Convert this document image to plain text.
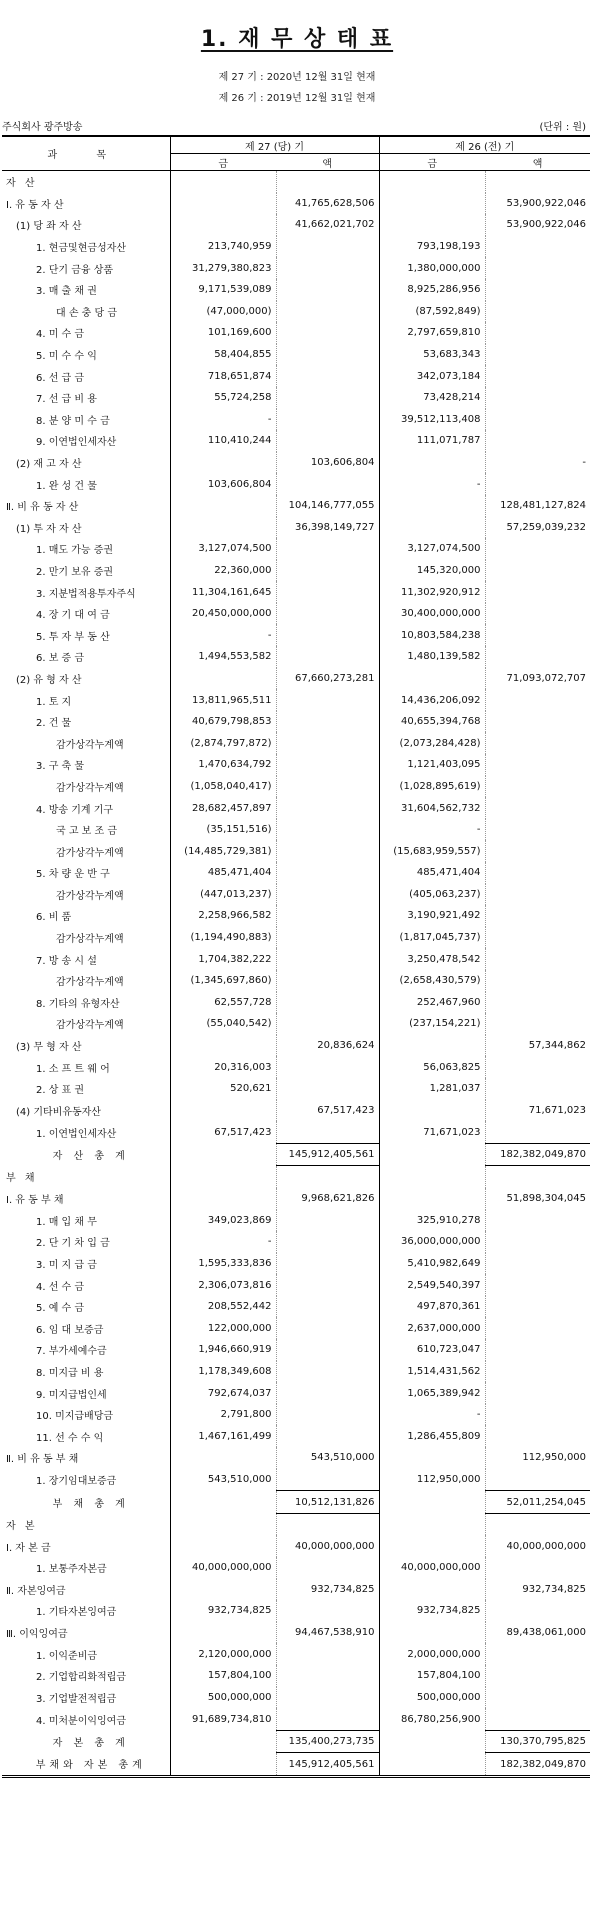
1. 재 무 상 태 표
제 27 기 : 2020년 12월 31일 현재
제 26 기 : 2019년 12월 31일 현재
주식회사 광주방송	(단위 : 원)
과 목	제 27 (당) 기		제 26 (전) 기	
	금	액	금	액
자 산				
Ⅰ. 유 동 자 산		41,765,628,506		53,900,922,046
(1) 당 좌 자 산		41,662,021,702		53,900,922,046
1. 현금및현금성자산	213,740,959		793,198,193	
2. 단기 금융 상품	31,279,380,823		1,380,000,000	
3. 매 출 채 권	9,171,539,089		8,925,286,956	
대 손 충 당 금	(47,000,000)		(87,592,849)	
4. 미 수 금	101,169,600		2,797,659,810	
5. 미 수 수 익	58,404,855		53,683,343	
6. 선 급 금	718,651,874		342,073,184	
7. 선 급 비 용	55,724,258		73,428,214	
8. 분 양 미 수 금	-		39,512,113,408	
9. 이연법인세자산	110,410,244		111,071,787	
(2) 재 고 자 산		103,606,804		-
1. 완 성 건 물	103,606,804		-	
Ⅱ. 비 유 동 자 산		104,146,777,055		128,481,127,824
(1) 투 자 자 산		36,398,149,727		57,259,039,232
1. 매도 가능 증권	3,127,074,500		3,127,074,500	
2. 만기 보유 증권	22,360,000		145,320,000	
3. 지분법적용투자주식	11,304,161,645		11,302,920,912	
4. 장 기 대 여 금	20,450,000,000		30,400,000,000	
5. 투 자 부 동 산	-		10,803,584,238	
6. 보 증 금	1,494,553,582		1,480,139,582	
(2) 유 형 자 산		67,660,273,281		71,093,072,707
1. 토 지	13,811,965,511		14,436,206,092	
2. 건 물	40,679,798,853		40,655,394,768	
감가상각누계액	(2,874,797,872)		(2,073,284,428)	
3. 구 축 물	1,470,634,792		1,121,403,095	
감가상각누계액	(1,058,040,417)		(1,028,895,619)	
4. 방송 기계 기구	28,682,457,897		31,604,562,732	
국 고 보 조 금	(35,151,516)		-	
감가상각누계액	(14,485,729,381)		(15,683,959,557)	
5. 차 량 운 반 구	485,471,404		485,471,404	
감가상각누계액	(447,013,237)		(405,063,237)	
6. 비 품	2,258,966,582		3,190,921,492	
감가상각누계액	(1,194,490,883)		(1,817,045,737)	
7. 방 송 시 설	1,704,382,222		3,250,478,542	
감가상각누계액	(1,345,697,860)		(2,658,430,579)	
8. 기타의 유형자산	62,557,728		252,467,960	
감가상각누계액	(55,040,542)		(237,154,221)	
(3) 무 형 자 산		20,836,624		57,344,862
1. 소 프 트 웨 어	20,316,003		56,063,825	
2. 상 표 권	520,621		1,281,037	
(4) 기타비유동자산		67,517,423		71,671,023
1. 이연법인세자산	67,517,423		71,671,023	
자 산 총 계		145,912,405,561		182,382,049,870
부 채				
Ⅰ. 유 동 부 채		9,968,621,826		51,898,304,045
1. 매 입 채 무	349,023,869		325,910,278	
2. 단 기 차 입 금	-		36,000,000,000	
3. 미 지 급 금	1,595,333,836		5,410,982,649	
4. 선 수 금	2,306,073,816		2,549,540,397	
5. 예 수 금	208,552,442		497,870,361	
6. 임 대 보증금	122,000,000		2,637,000,000	
7. 부가세예수금	1,946,660,919		610,723,047	
8. 미지급 비 용	1,178,349,608		1,514,431,562	
9. 미지급법인세	792,674,037		1,065,389,942	
10. 미지급배당금	2,791,800		-	
11. 선 수 수 익	1,467,161,499		1,286,455,809	
Ⅱ. 비 유 동 부 채		543,510,000		112,950,000
1. 장기임대보증금	543,510,000		112,950,000	
부 채 총 계		10,512,131,826		52,011,254,045
자 본				
Ⅰ. 자 본 금		40,000,000,000		40,000,000,000
1. 보통주자본금	40,000,000,000		40,000,000,000	
Ⅱ. 자본잉여금		932,734,825		932,734,825
1. 기타자본잉여금	932,734,825		932,734,825	
Ⅲ. 이익잉여금		94,467,538,910		89,438,061,000
1. 이익준비금	2,120,000,000		2,000,000,000	
2. 기업합리화적립금	157,804,100		157,804,100	
3. 기업발전적립금	500,000,000		500,000,000	
4. 미처분이익잉여금	91,689,734,810		86,780,256,900	
자 본 총 계		135,400,273,735		130,370,795,825
부채와 자본 총계		145,912,405,561		182,382,049,870
